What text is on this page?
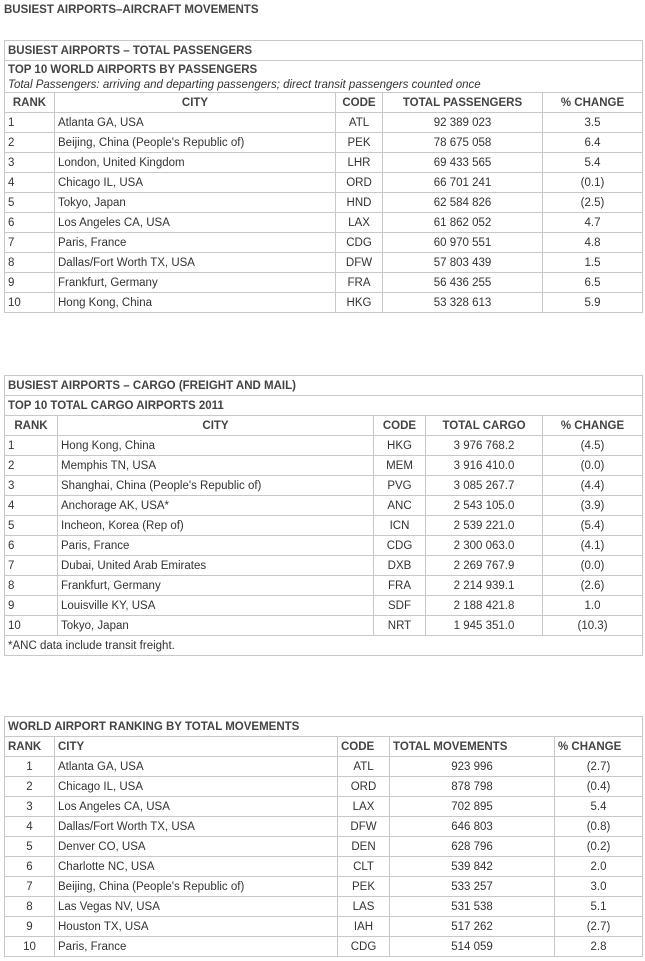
BUSIEST AIRPORTS–AIRCRAFT MOVEMENTS
BUSIEST AIRPORTS – TOTAL PASSENGERS				
TOP 10 WORLD AIRPORTS BY PASSENGERS				
Total Passengers: arriving and departing passengers; direct transit passengers counted once				
RANK	CITY	CODE	TOTAL PASSENGERS	% CHANGE
1	Atlanta GA, USA	ATL	92 389 023	3.5
2	Beijing, China (People's Republic of)	PEK	78 675 058	6.4
3	London, United Kingdom	LHR	69 433 565	5.4
4	Chicago IL, USA	ORD	66 701 241	(0.1)
5	Tokyo, Japan	HND	62 584 826	(2.5)
6	Los Angeles CA, USA	LAX	61 862 052	4.7
7	Paris, France	CDG	60 970 551	4.8
8	Dallas/Fort Worth TX, USA	DFW	57 803 439	1.5
9	Frankfurt, Germany	FRA	56 436 255	6.5
10	Hong Kong, China	HKG	53 328 613	5.9
BUSIEST AIRPORTS – CARGO (FREIGHT AND MAIL)				
TOP 10 TOTAL CARGO AIRPORTS 2011				
RANK	CITY	CODE	TOTAL CARGO	% CHANGE
1	Hong Kong, China	HKG	3 976 768.2	(4.5)
2	Memphis TN, USA	MEM	3 916 410.0	(0.0)
3	Shanghai, China (People's Republic of)	PVG	3 085 267.7	(4.4)
4	Anchorage AK, USA*	ANC	2 543 105.0	(3.9)
5	Incheon, Korea (Rep of)	ICN	2 539 221.0	(5.4)
6	Paris, France	CDG	2 300 063.0	(4.1)
7	Dubai, United Arab Emirates	DXB	2 269 767.9	(0.0)
8	Frankfurt, Germany	FRA	2 214 939.1	(2.6)
9	Louisville KY, USA	SDF	2 188 421.8	1.0
10	Tokyo, Japan	NRT	1 945 351.0	(10.3)
*ANC data include transit freight.				
WORLD AIRPORT RANKING BY TOTAL MOVEMENTS				
RANK	CITY	CODE	TOTAL MOVEMENTS	% CHANGE
1	Atlanta GA, USA	ATL	923 996	(2.7)
2	Chicago IL, USA	ORD	878 798	(0.4)
3	Los Angeles CA, USA	LAX	702 895	5.4
4	Dallas/Fort Worth TX, USA	DFW	646 803	(0.8)
5	Denver CO, USA	DEN	628 796	(0.2)
6	Charlotte NC, USA	CLT	539 842	2.0
7	Beijing, China (People's Republic of)	PEK	533 257	3.0
8	Las Vegas NV, USA	LAS	531 538	5.1
9	Houston TX, USA	IAH	517 262	(2.7)
10	Paris, France	CDG	514 059	2.8
